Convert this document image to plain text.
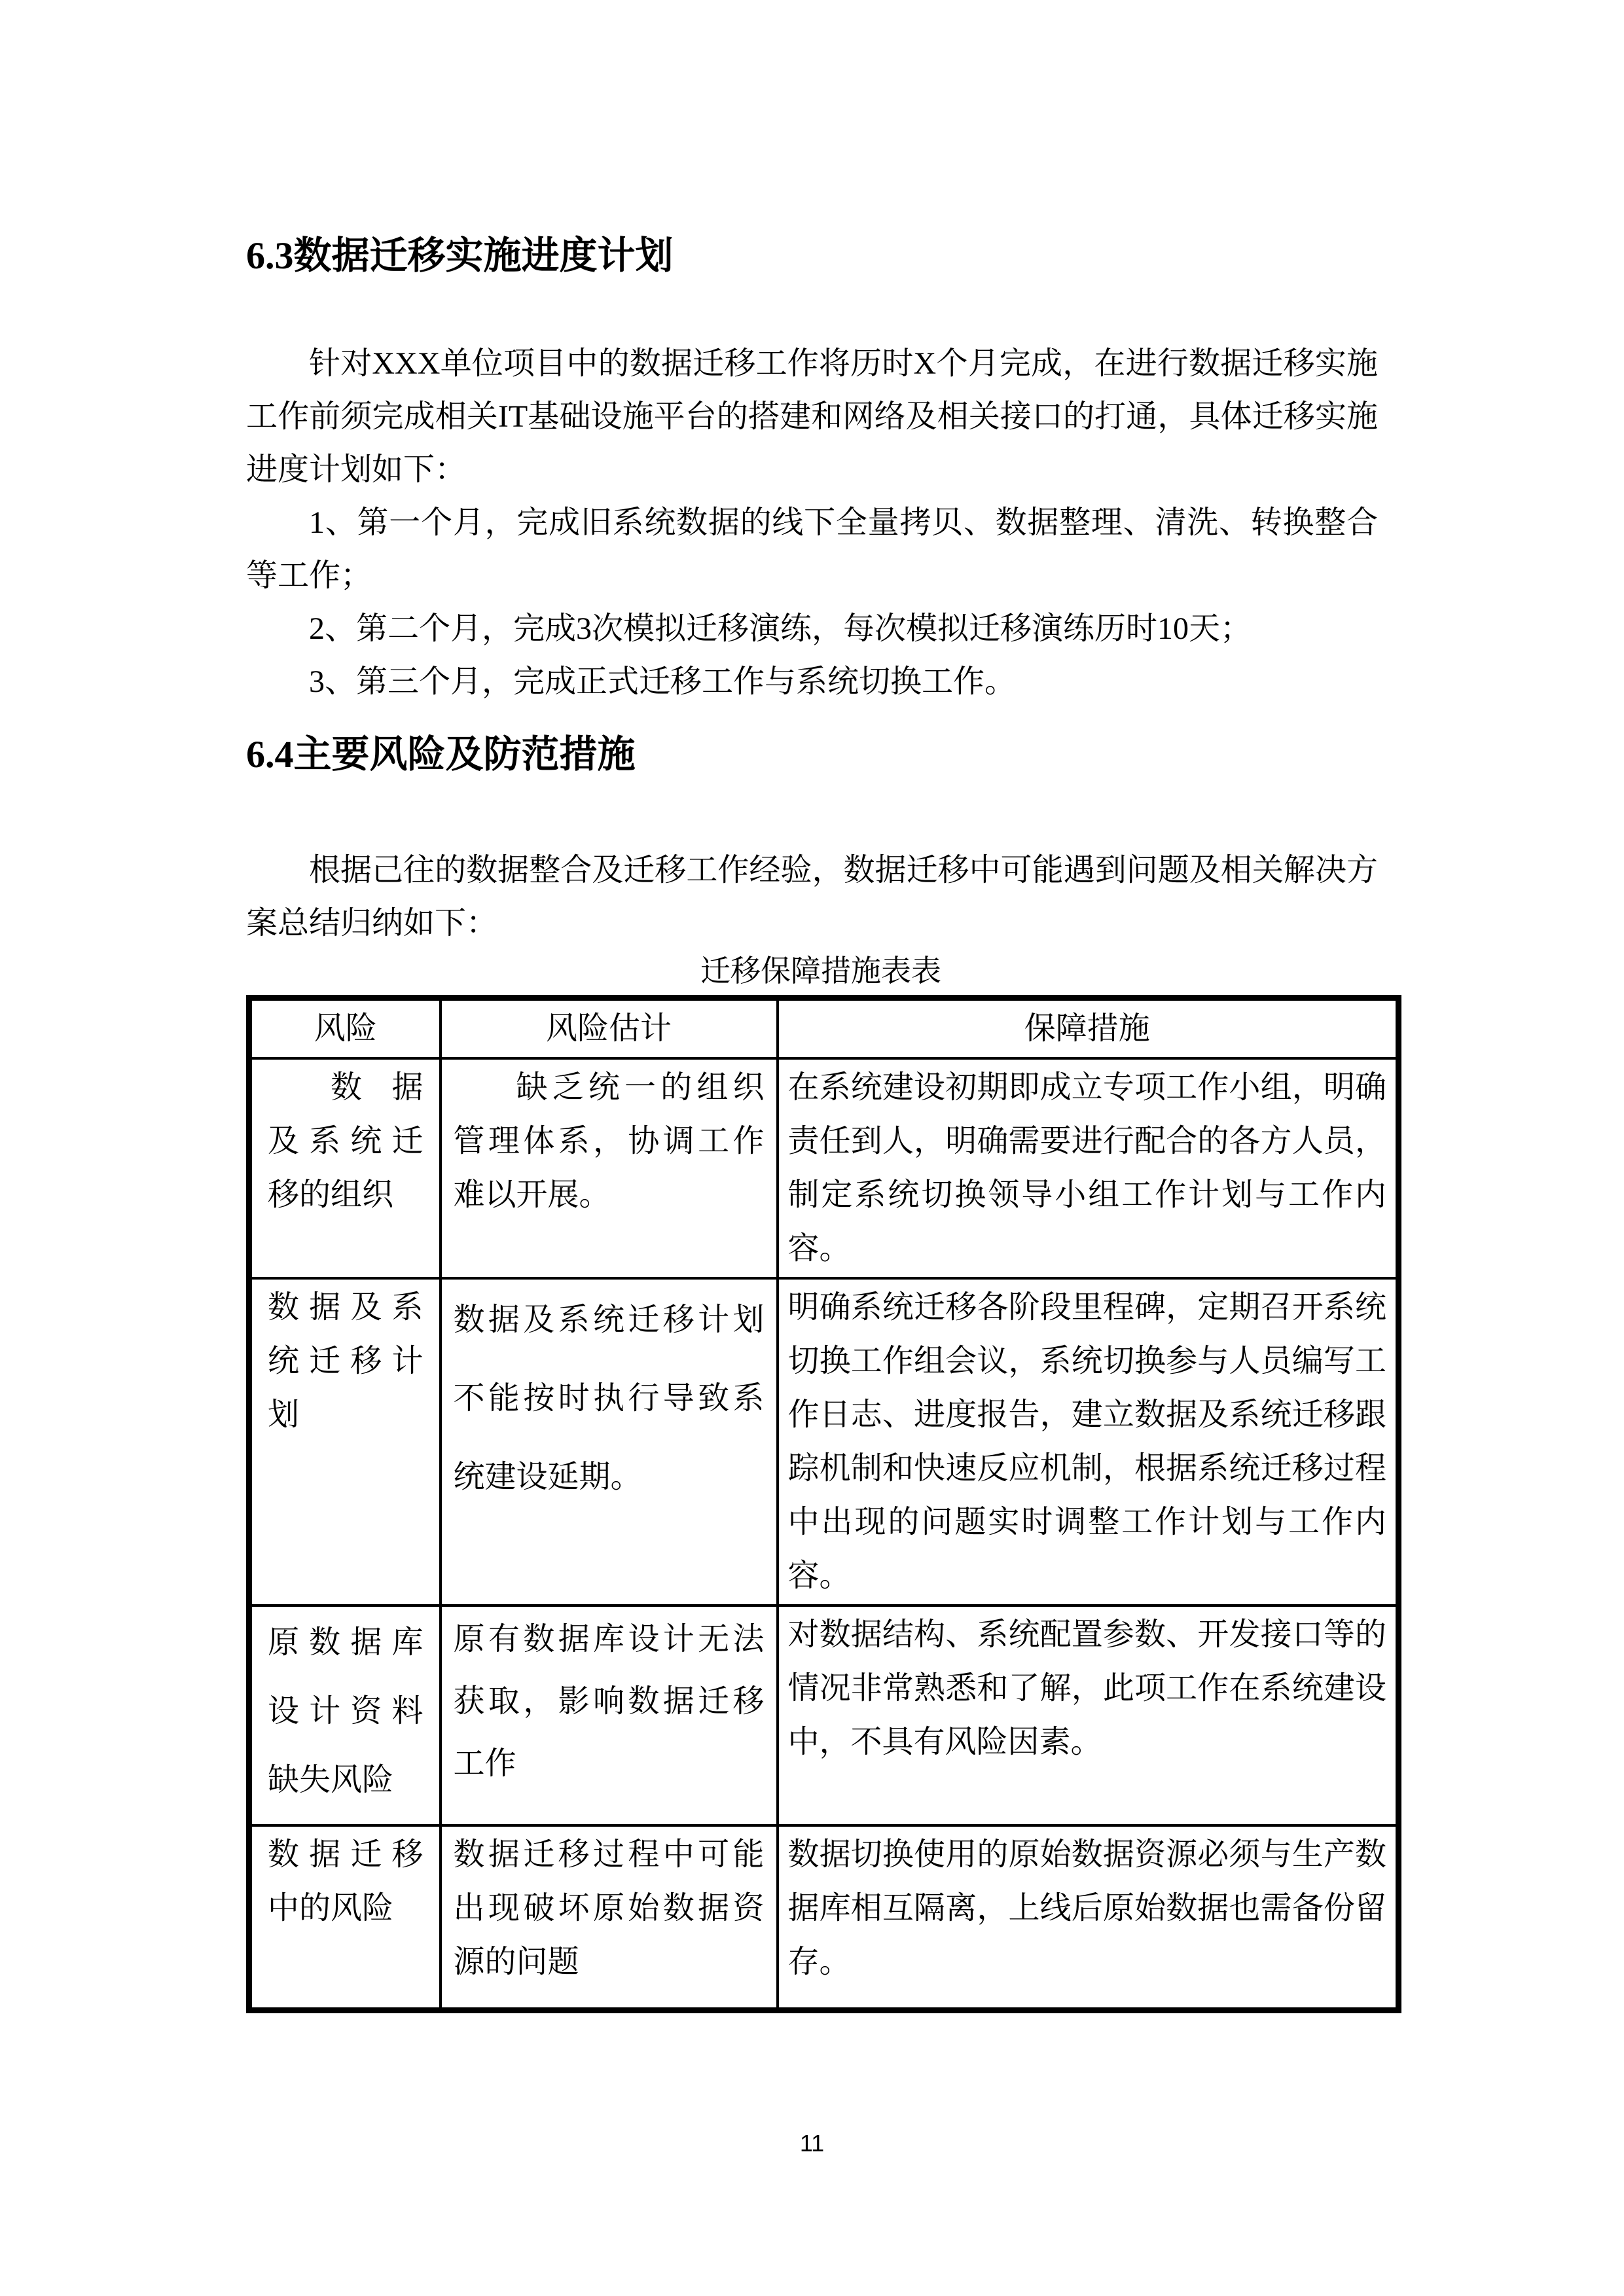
6.3数据迁移实施进度计划

针对XXX单位项目中的数据迁移工作将历时X个月完成，在进行数据迁移实施工作前须完成相关IT基础设施平台的搭建和网络及相关接口的打通，具体迁移实施进度计划如下：

1、第一个月，完成旧系统数据的线下全量拷贝、数据整理、清洗、转换整合等工作；

2、第二个月，完成3次模拟迁移演练，每次模拟迁移演练历时10天；

3、第三个月，完成正式迁移工作与系统切换工作。

6.4主要风险及防范措施

根据己往的数据整合及迁移工作经验，数据迁移中可能遇到问题及相关解决方案总结归纳如下：

迁移保障措施表表
风险	风险估计	保障措施

数据及系统迁移的组织	缺乏统一的组织管理体系，协调工作难以开展。	在系统建设初期即成立专项工作小组，明确责任到人，明确需要进行配合的各方人员，制定系统切换领导小组工作计划与工作内容。

数据及系统迁移计划	数据及系统迁移计划不能按时执行导致系统建设延期。	明确系统迁移各阶段里程碑，定期召开系统切换工作组会议，系统切换参与人员编写工作日志、进度报告，建立数据及系统迁移跟踪机制和快速反应机制，根据系统迁移过程中出现的问题实时调整工作计划与工作内容。

原数据库设计资料缺失风险	原有数据库设计无法获取，影响数据迁移工作	对数据结构、系统配置参数、开发接口等的情况非常熟悉和了解，此项工作在系统建设中，不具有风险因素。

数据迁移中的风险	数据迁移过程中可能出现破坏原始数据资源的问题	数据切换使用的原始数据资源必须与生产数据库相互隔离，上线后原始数据也需备份留存。
11
